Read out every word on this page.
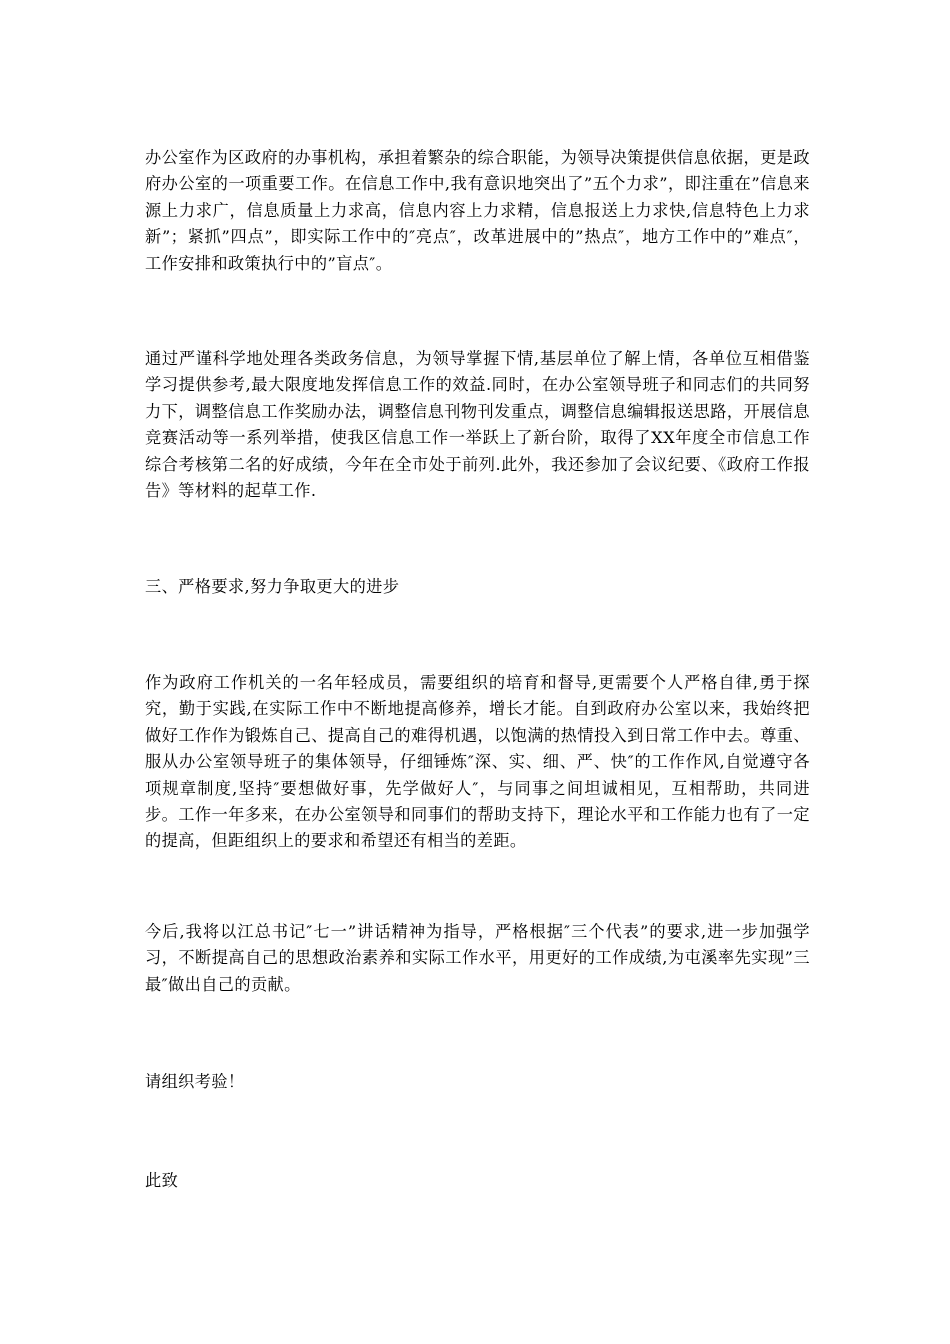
办公室作为区政府的办事机构，承担着繁杂的综合职能，为领导决策提供信息依据，更是政府办公室的一项重要工作。在信息工作中,我有意识地突出了”五个力求”，即注重在”信息来源上力求广，信息质量上力求高，信息内容上力求精，信息报送上力求快,信息特色上力求新”；紧抓”四点”，即实际工作中的″亮点″，改革进展中的”热点″，地方工作中的”难点″，工作安排和政策执行中的”盲点″。

通过严谨科学地处理各类政务信息，为领导掌握下情,基层单位了解上情，各单位互相借鉴学习提供参考,最大限度地发挥信息工作的效益.同时，在办公室领导班子和同志们的共同努力下，调整信息工作奖励办法，调整信息刊物刊发重点，调整信息编辑报送思路，开展信息竞赛活动等一系列举措，使我区信息工作一举跃上了新台阶，取得了XX年度全市信息工作综合考核第二名的好成绩，今年在全市处于前列.此外，我还参加了会议纪要、《政府工作报告》等材料的起草工作.

三、严格要求,努力争取更大的进步

作为政府工作机关的一名年轻成员，需要组织的培育和督导,更需要个人严格自律,勇于探究，勤于实践,在实际工作中不断地提高修养，增长才能。自到政府办公室以来，我始终把做好工作作为锻炼自己、提高自己的难得机遇，以饱满的热情投入到日常工作中去。尊重、服从办公室领导班子的集体领导，仔细锤炼″深、实、细、严、快″的工作作风,自觉遵守各项规章制度,坚持″要想做好事，先学做好人″，与同事之间坦诚相见，互相帮助，共同进步。工作一年多来，在办公室领导和同事们的帮助支持下，理论水平和工作能力也有了一定的提高，但距组织上的要求和希望还有相当的差距。

今后,我将以江总书记″七一”讲话精神为指导，严格根据″三个代表”的要求,进一步加强学习，不断提高自己的思想政治素养和实际工作水平，用更好的工作成绩,为屯溪率先实现”三最″做出自己的贡献。

请组织考验！

此致
